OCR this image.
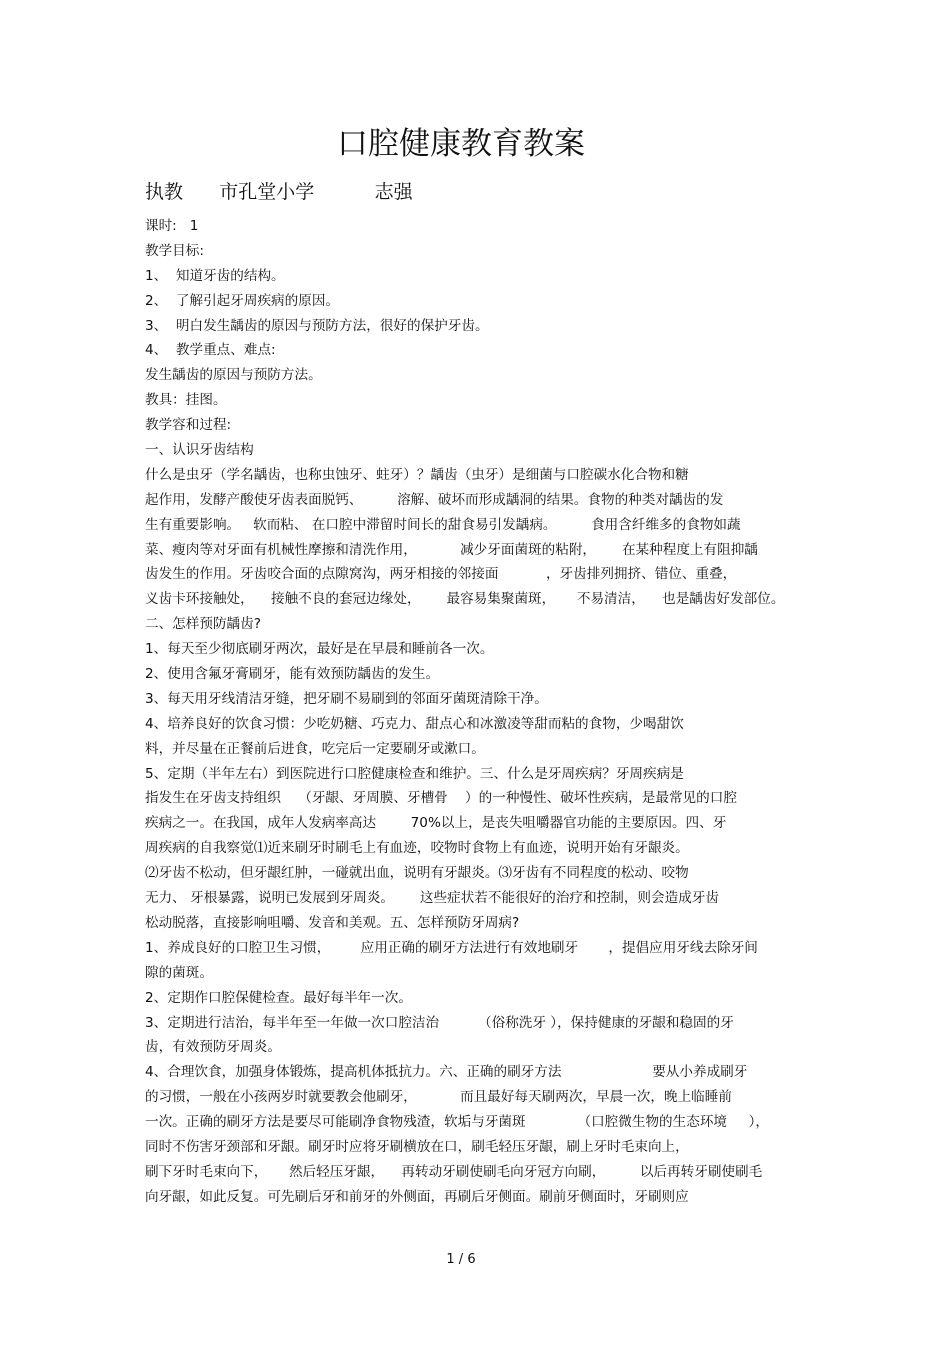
口腔健康教育教案
执教      市孔堂小学          志强
课时:   1
教学目标:
1、  知道牙齿的结构。
2、  了解引起牙周疾病的原因。
3、  明白发生龋齿的原因与预防方法，很好的保护牙齿。
4、  教学重点、难点:
发生龋齿的原因与预防方法。
教具：挂图。
教学容和过程:
一、认识牙齿结构
什么是虫牙（学名龋齿，也称虫蚀牙、蛀牙）？龋齿（虫牙）是细菌与口腔碳水化合物和糖
起作用，发酵产酸使牙齿表面脱钙、        溶解、破坏而形成龋洞的结果。食物的种类对龋齿的发
生有重要影响。   软而粘、 在口腔中滞留时间长的甜食易引发龋病。        食用含纤维多的食物如蔬
菜、瘦肉等对牙面有机械性摩擦和清洗作用，          减少牙面菌斑的粘附，      在某种程度上有阻抑龋
齿发生的作用。牙齿咬合面的点隙窝沟，两牙相接的邻接面           ，牙齿排列拥挤、错位、重叠，
义齿卡环接触处，    接触不良的套冠边缘处，      最容易集聚菌斑，     不易清洁，    也是龋齿好发部位。
二、怎样预防龋齿?
1、每天至少彻底刷牙两次，最好是在早晨和睡前各一次。
2、使用含氟牙膏刷牙，能有效预防龋齿的发生。
3、每天用牙线清洁牙缝，把牙刷不易刷到的邻面牙菌斑清除干净。
4、培养良好的饮食习惯：少吃奶糖、巧克力、甜点心和冰激凌等甜而粘的食物，少喝甜饮
料，并尽量在正餐前后进食，吃完后一定要刷牙或漱口。
5、定期（半年左右）到医院进行口腔健康检查和维护。三、什么是牙周疾病？牙周疾病是
指发生在牙齿支持组织    （牙龈、牙周膜、牙槽骨    ）的一种慢性、破坏性疾病，是最常见的口腔
疾病之一。在我国，成年人发病率高达        70%以上，是丧失咀嚼器官功能的主要原因。四、牙
周疾病的自我察觉⑴近来刷牙时刷毛上有血迹，咬物时食物上有血迹，说明开始有牙龈炎。
⑵牙齿不松动，但牙龈红肿，一碰就出血，说明有牙龈炎。⑶牙齿有不同程度的松动、咬物
无力、 牙根暴露，说明已发展到牙周炎。      这些症状若不能很好的治疗和控制，则会造成牙齿
松动脱落，直接影响咀嚼、发音和美观。五、怎样预防牙周病?
1、养成良好的口腔卫生习惯，       应用正确的刷牙方法进行有效地刷牙       ，提倡应用牙线去除牙间
隙的菌斑。
2、定期作口腔保健检查。最好每半年一次。
3、定期进行洁治，每半年至一年做一次口腔洁治         （俗称洗牙 ），保持健康的牙龈和稳固的牙
齿，有效预防牙周炎。
4、合理饮食，加强身体锻炼，提高机体抵抗力。六、正确的刷牙方法                     要从小养成刷牙
的习惯，一般在小孩两岁时就要教会他刷牙，          而且最好每天刷两次，早晨一次，晚上临睡前
一次。正确的刷牙方法是要尽可能刷净食物残渣，软垢与牙菌斑            （口腔微生物的生态环境     ），
同时不伤害牙颈部和牙龈。刷牙时应将牙刷横放在口，刷毛轻压牙龈，刷上牙时毛束向上，
刷下牙时毛束向下，     然后轻压牙龈，    再转动牙刷使刷毛向牙冠方向刷，        以后再转牙刷使刷毛
向牙龈，如此反复。可先刷后牙和前牙的外侧面，再刷后牙侧面。刷前牙侧面时，牙刷则应
1 / 6
